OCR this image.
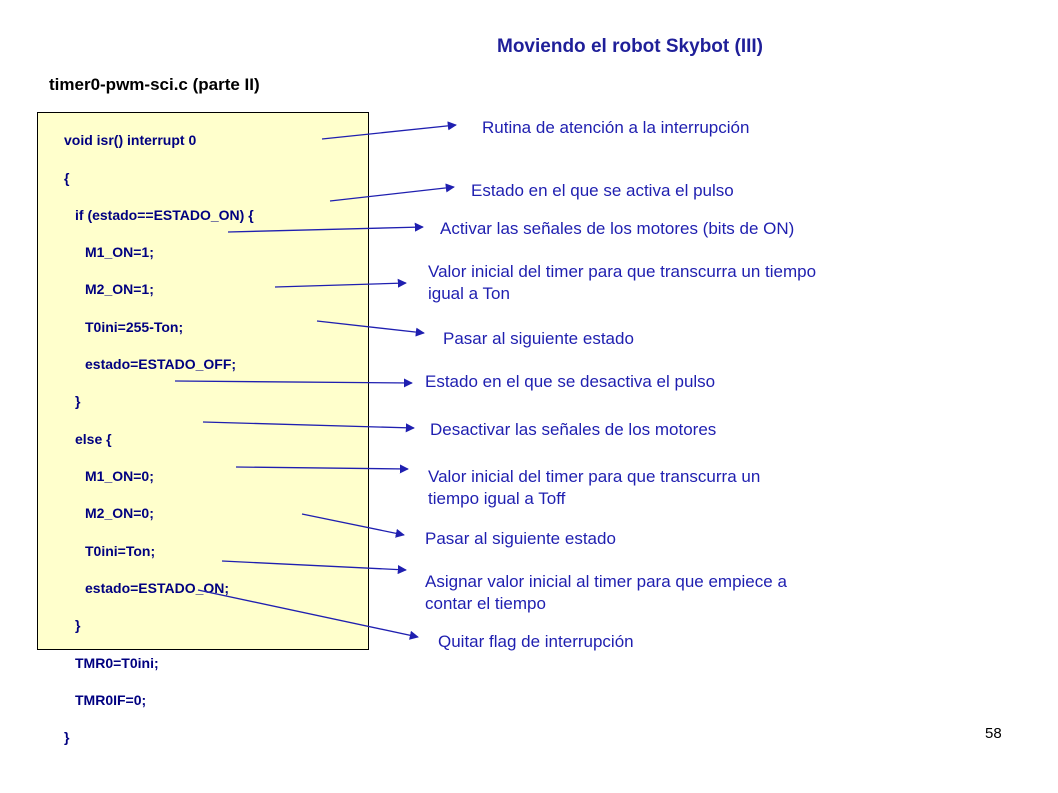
Moviendo el robot Skybot (III)
timer0-pwm-sci.c (parte II)
void isr() interrupt 0
{
if (estado==ESTADO_ON) {
M1_ON=1;
M2_ON=1;
T0ini=255-Ton;
estado=ESTADO_OFF;
}
else {
M1_ON=0;
M2_ON=0;
T0ini=Ton;
estado=ESTADO_ON;
}
TMR0=T0ini;
TMR0IF=0;
}
Rutina de atención a la interrupción
Estado en el que se activa el pulso
Activar las señales de los motores (bits de ON)
Valor inicial del timer para que transcurra un tiempo
igual a Ton
Pasar al siguiente estado
Estado en el que se desactiva el pulso
Desactivar las señales de los motores
Valor inicial del timer para que transcurra un
tiempo igual a Toff
Pasar al siguiente estado
Asignar valor inicial al timer para que empiece a
contar el tiempo
Quitar flag de interrupción
58
